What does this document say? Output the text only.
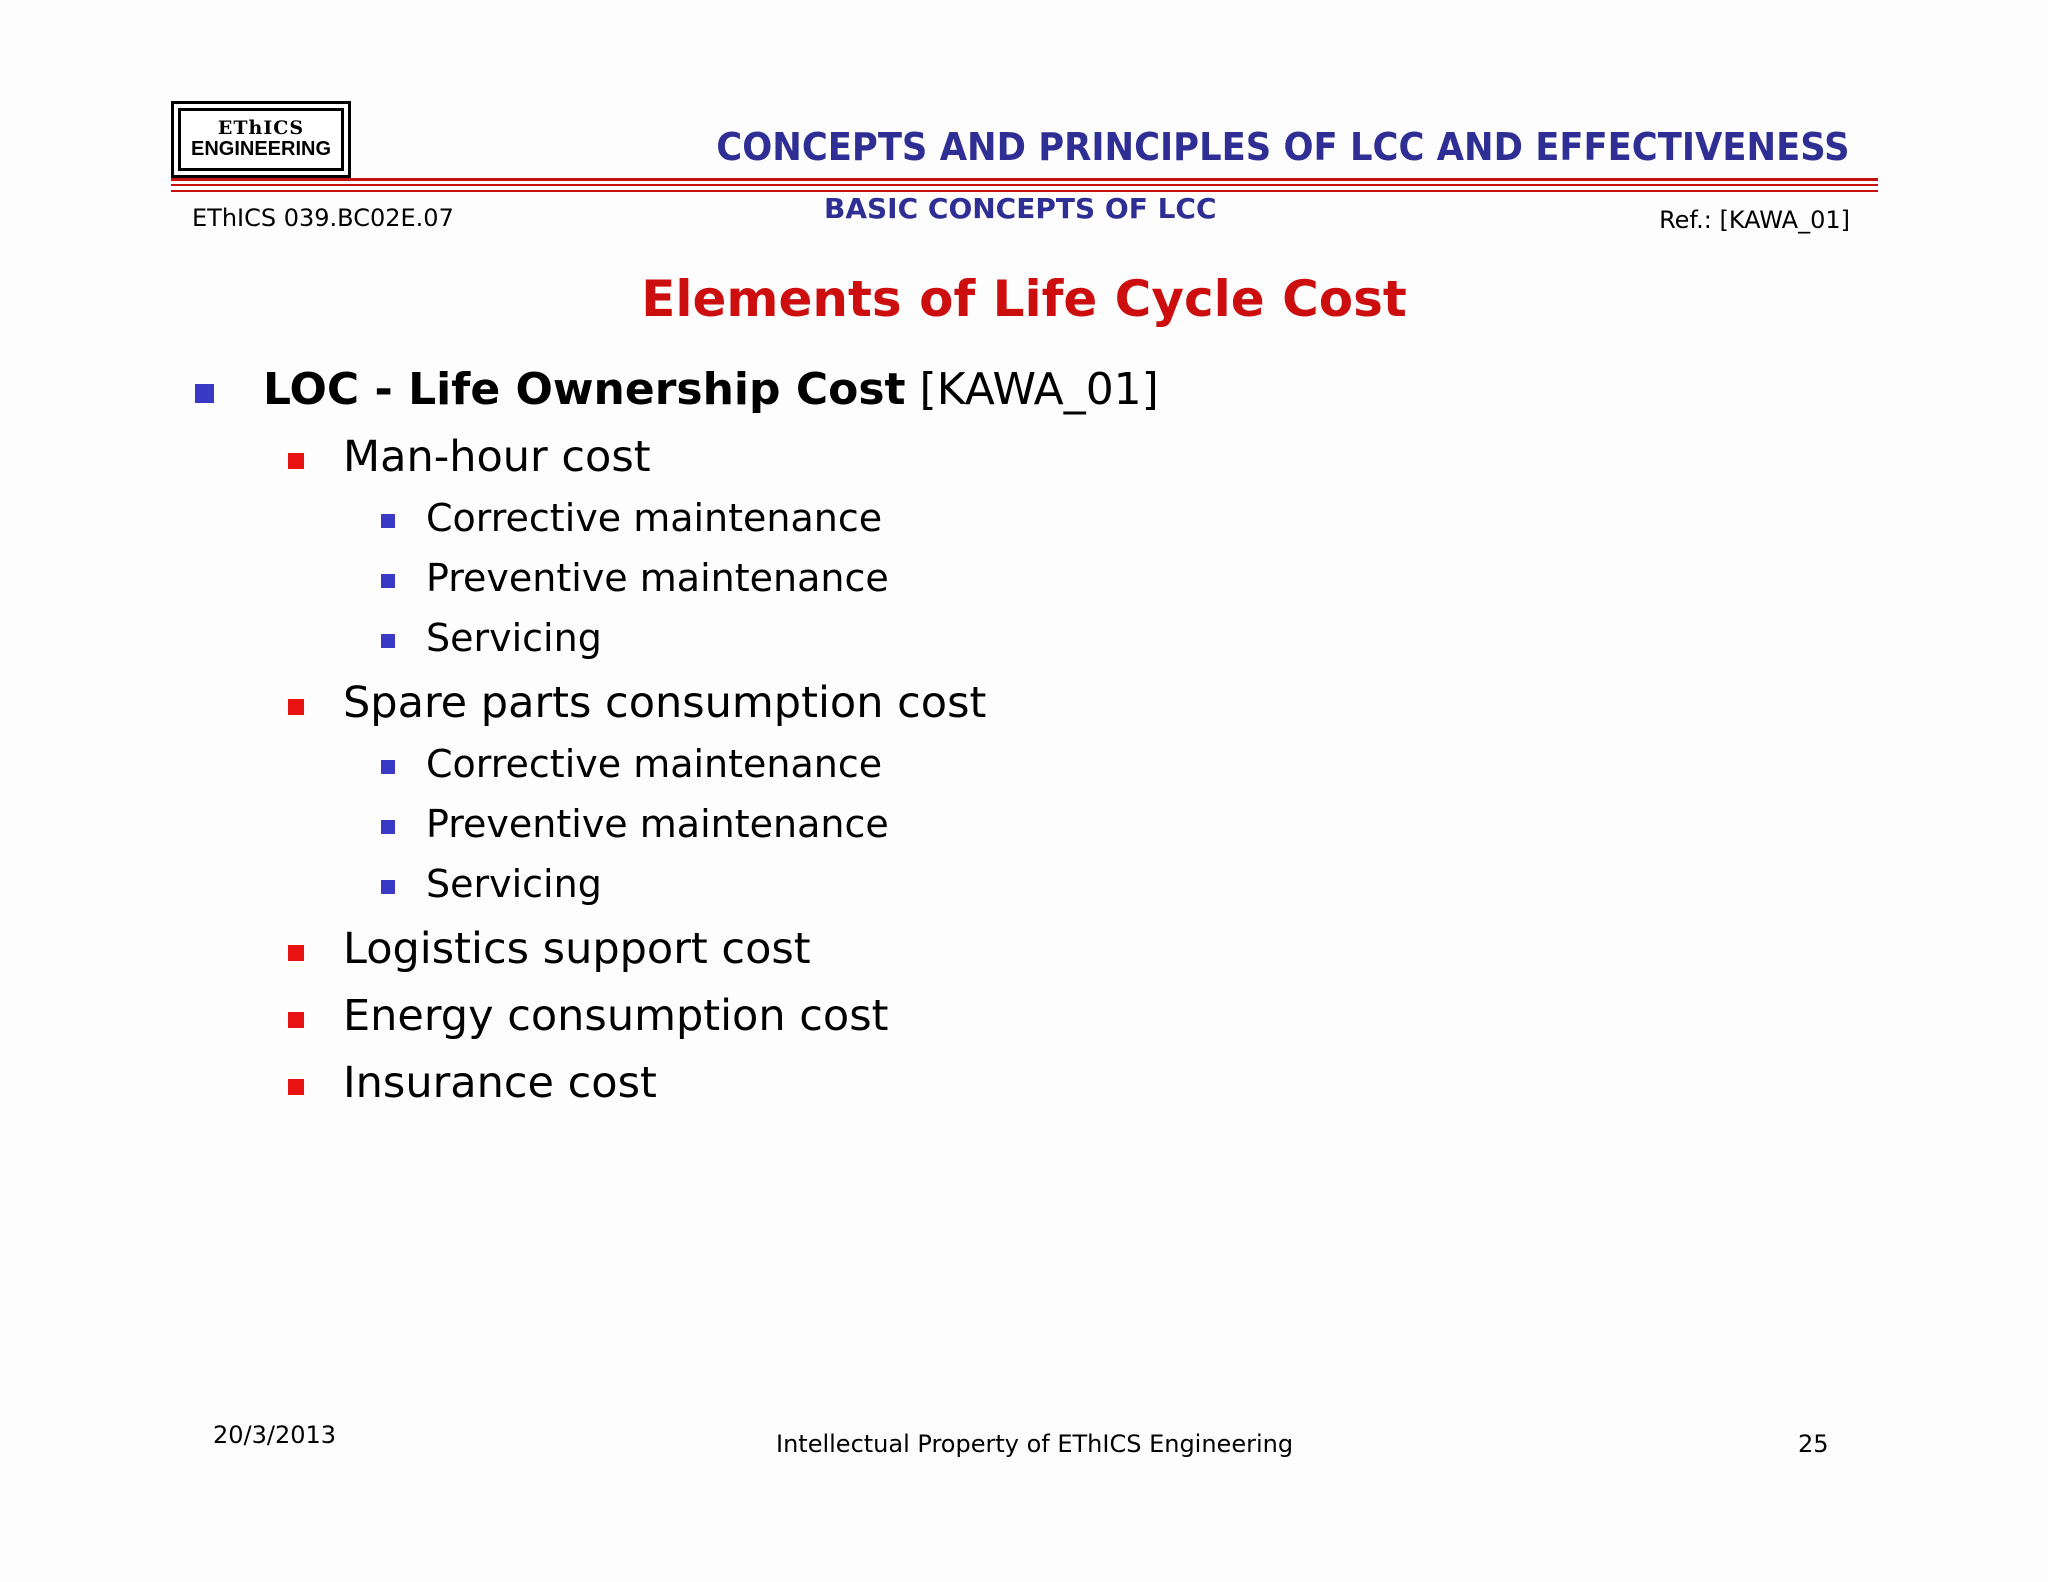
EThICS
ENGINEERING	CONCEPTS AND PRINCIPLES OF LCC AND EFFECTIVENESS
EThICS 039.BC02E.07	BASIC CONCEPTS OF LCC	Ref.: [KAWA_01]
Elements of Life Cycle Cost
LOC - Life Ownership Cost [KAWA_01]
Man-hour cost
Corrective maintenance
Preventive maintenance
Servicing
Spare parts consumption cost
Corrective maintenance
Preventive maintenance
Servicing
Logistics support cost
Energy consumption cost
Insurance cost
20/3/2013	Intellectual Property of EThICS Engineering	25
